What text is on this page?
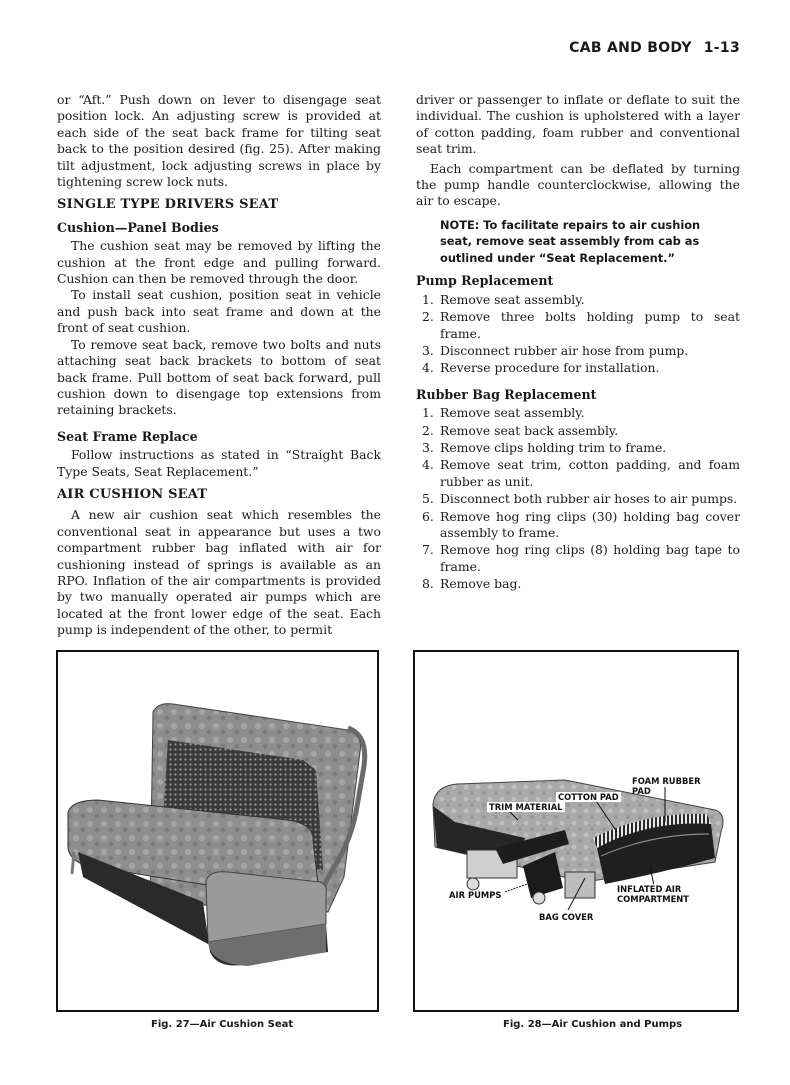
CAB AND BODY 1-13

or “Aft.” Push down on lever to disengage seat position lock. An adjusting screw is provided at each side of the seat back frame for tilting seat back to the position desired (fig. 25). After making tilt adjustment, lock adjusting screws in place by tightening screw lock nuts.

SINGLE TYPE DRIVERS SEAT
Cushion—Panel Bodies

The cushion seat may be removed by lifting the cushion at the front edge and pulling forward. Cushion can then be removed through the door.

To install seat cushion, position seat in vehicle and push back into seat frame and down at the front of seat cushion.

To remove seat back, remove two bolts and nuts attaching seat back brackets to bottom of seat back frame. Pull bottom of seat back forward, pull cushion down to disengage top extensions from retaining brackets.

Seat Frame Replace

Follow instructions as stated in “Straight Back Type Seats, Seat Replacement.”

AIR CUSHION SEAT

A new air cushion seat which resembles the conventional seat in appearance but uses a two compartment rubber bag inflated with air for cushioning instead of springs is available as an RPO. Inflation of the air compartments is provided by two manually operated air pumps which are located at the front lower edge of the seat. Each pump is independent of the other, to permit

driver or passenger to inflate or deflate to suit the individual. The cushion is upholstered with a layer of cotton padding, foam rubber and conventional seat trim.

Each compartment can be deflated by turning the pump handle counterclockwise, allowing the air to escape.

NOTE: To facilitate repairs to air cushion seat, remove seat assembly from cab as outlined under “Seat Replacement.”
Pump Replacement
1. Remove seat assembly.
2. Remove three bolts holding pump to seat frame.
3. Disconnect rubber air hose from pump.
4. Reverse procedure for installation.
Rubber Bag Replacement
1. Remove seat assembly.
2. Remove seat back assembly.
3. Remove clips holding trim to frame.
4. Remove seat trim, cotton padding, and foam rubber as unit.
5. Disconnect both rubber air hoses to air pumps.
6. Remove hog ring clips (30) holding bag cover assembly to frame.
7. Remove hog ring clips (8) holding bag tape to frame.
8. Remove bag.
Fig. 27—Air Cushion Seat
FOAM RUBBER PAD
COTTON PAD
TRIM MATERIAL
AIR PUMPS
INFLATED AIR COMPARTMENT
BAG COVER
Fig. 28—Air Cushion and Pumps
